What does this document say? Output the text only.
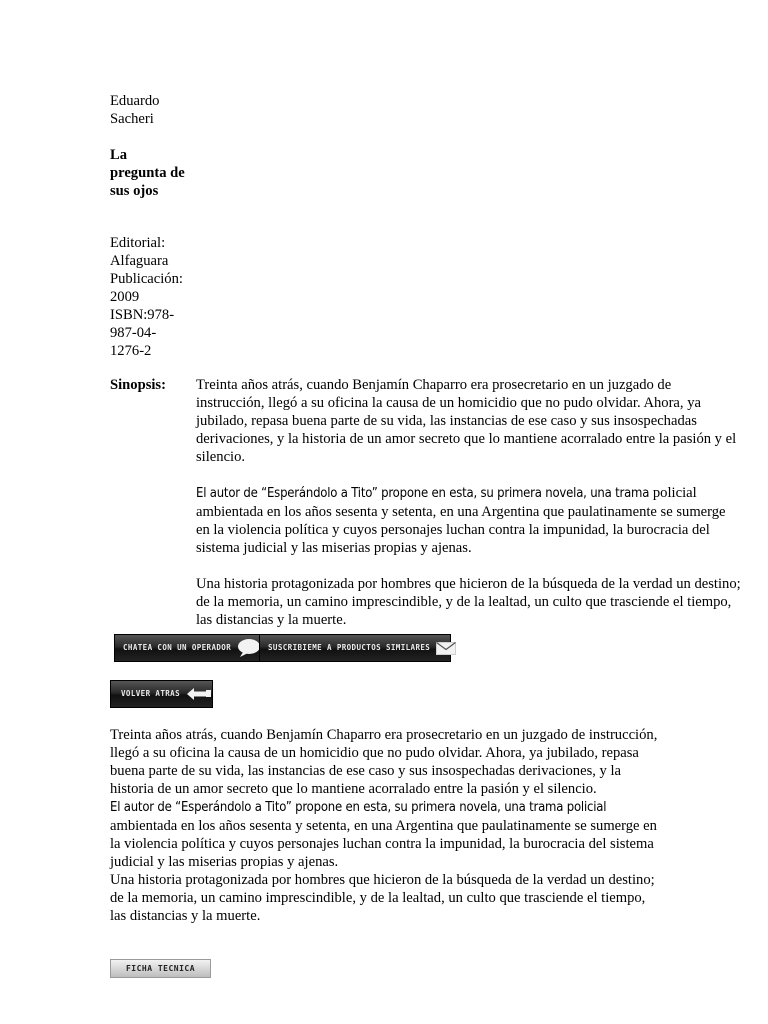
Eduardo
Sacheri
La
pregunta de
sus ojos
Editorial:
Alfaguara
Publicación:
2009
ISBN:978-
987-04-
1276-2
Sinopsis: Treinta años atrás, cuando Benjamín Chaparro era prosecretario en un juzgado de instrucción, llegó a su oficina la causa de un homicidio que no pudo olvidar. Ahora, ya jubilado, repasa buena parte de su vida, las instancias de ese caso y sus insospechadas derivaciones, y la historia de un amor secreto que lo mantiene acorralado entre la pasión y el silencio.

El autor de “Esperándolo a Tito” propone en esta, su primera novela, una trama policial ambientada en los años sesenta y setenta, en una Argentina que paulatinamente se sumerge en la violencia política y cuyos personajes luchan contra la impunidad, la burocracia del sistema judicial y las miserias propias y ajenas.

Una historia protagonizada por hombres que hicieron de la búsqueda de la verdad un destino; de la memoria, un camino imprescindible, y de la lealtad, un culto que trasciende el tiempo, las distancias y la muerte.

CHATEA CON UN OPERADOR	SUSCRIBIEME A PRODUCTOS SIMILARES
VOLVER ATRAS

Treinta años atrás, cuando Benjamín Chaparro era prosecretario en un juzgado de instrucción, llegó a su oficina la causa de un homicidio que no pudo olvidar. Ahora, ya jubilado, repasa buena parte de su vida, las instancias de ese caso y sus insospechadas derivaciones, y la historia de un amor secreto que lo mantiene acorralado entre la pasión y el silencio.

El autor de “Esperándolo a Tito” propone en esta, su primera novela, una trama policial ambientada en los años sesenta y setenta, en una Argentina que paulatinamente se sumerge en la violencia política y cuyos personajes luchan contra la impunidad, la burocracia del sistema judicial y las miserias propias y ajenas.

Una historia protagonizada por hombres que hicieron de la búsqueda de la verdad un destino; de la memoria, un camino imprescindible, y de la lealtad, un culto que trasciende el tiempo, las distancias y la muerte.

FICHA TECNICA
